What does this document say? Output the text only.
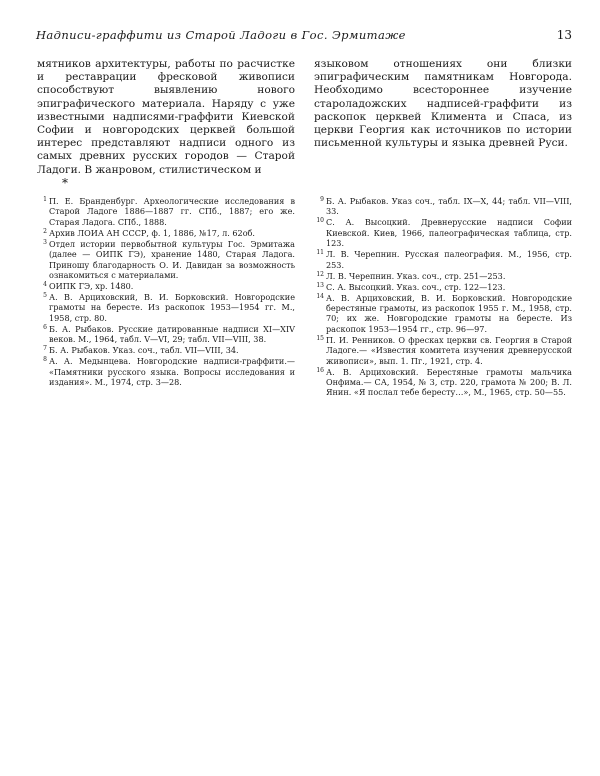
Надписи-граффити из Старой Ладоги в Гос. Эрмитаже	13

мятников архитектуры, работы по расчистке и реставрации фресковой живописи способствуют выявлению нового эпиграфического материала. Наряду с уже известными надписями-граффити Киевской Софии и новгородских церквей большой интерес представляют надписи одного из самых древних русских городов — Старой Ладоги. В жанровом, стилистическом и

языковом отношениях они близки эпиграфическим памятникам Новгорода. Необходимо всестороннее изучение староладожских надписей-граффити из раскопок церквей Климента и Спаса, из церкви Георгия как источников по истории письменной культуры и языка древней Руси.

*
1 П. Е. Бранденбург. Археологические исследования в Старой Ладоге 1886—1887 гг. СПб., 1887; его же. Старая Ладога. СПб., 1888.
2 Архив ЛОИА АН СССР, ф. 1, 1886, №17, л. 62об.
3 Отдел истории первобытной культуры Гос. Эрмитажа (далее — ОИПК ГЭ), хранение 1480, Старая Ладога. Приношу благодарность О. И. Давидан за возможность ознакомиться с материалами.
4 ОИПК ГЭ, хр. 1480.
5 А. В. Арциховский, В. И. Борковский. Новгородские грамоты на бересте. Из раскопок 1953—1954 гг. М., 1958, стр. 80.
6 Б. А. Рыбаков. Русские датированные надписи XI—XIV веков. М., 1964, табл. V—VI, 29; табл. VII—VIII, 38.
7 Б. А. Рыбаков. Указ. соч., табл. VII—VIII, 34.
8 А. А. Медынцева. Новгородские надписи-граффити.— «Памятники русского языка. Вопросы исследования и издания». М., 1974, стр. 3—28.
9 Б. А. Рыбаков. Указ соч., табл. IX—X, 44; табл. VII—VIII, 33.
10 С. А. Высоцкий. Древнерусские надписи Софии Киевской. Киев, 1966, палеографическая таблица, стр. 123.
11 Л. В. Черепнин. Русская палеография. М., 1956, стр. 253.
12 Л. В. Черепнин. Указ. соч., стр. 251—253.
13 С. А. Высоцкий. Указ. соч., стр. 122—123.
14 А. В. Арциховский, В. И. Борковский. Новгородские берестяные грамоты, из раскопок 1955 г. М., 1958, стр. 70; их же. Новгородские грамоты на бересте. Из раскопок 1953—1954 гг., стр. 96—97.
15 П. И. Ренников. О фресках церкви св. Георгия в Старой Ладоге.— «Известия комитета изучения древнерусской живописи», вып. 1. Пг., 1921, стр. 4.
16 А. В. Арциховский. Берестяные грамоты мальчика Онфима.— СА, 1954, № 3, стр. 220, грамота № 200; В. Л. Янин. «Я послал тебе бересту…», М., 1965, стр. 50—55.
